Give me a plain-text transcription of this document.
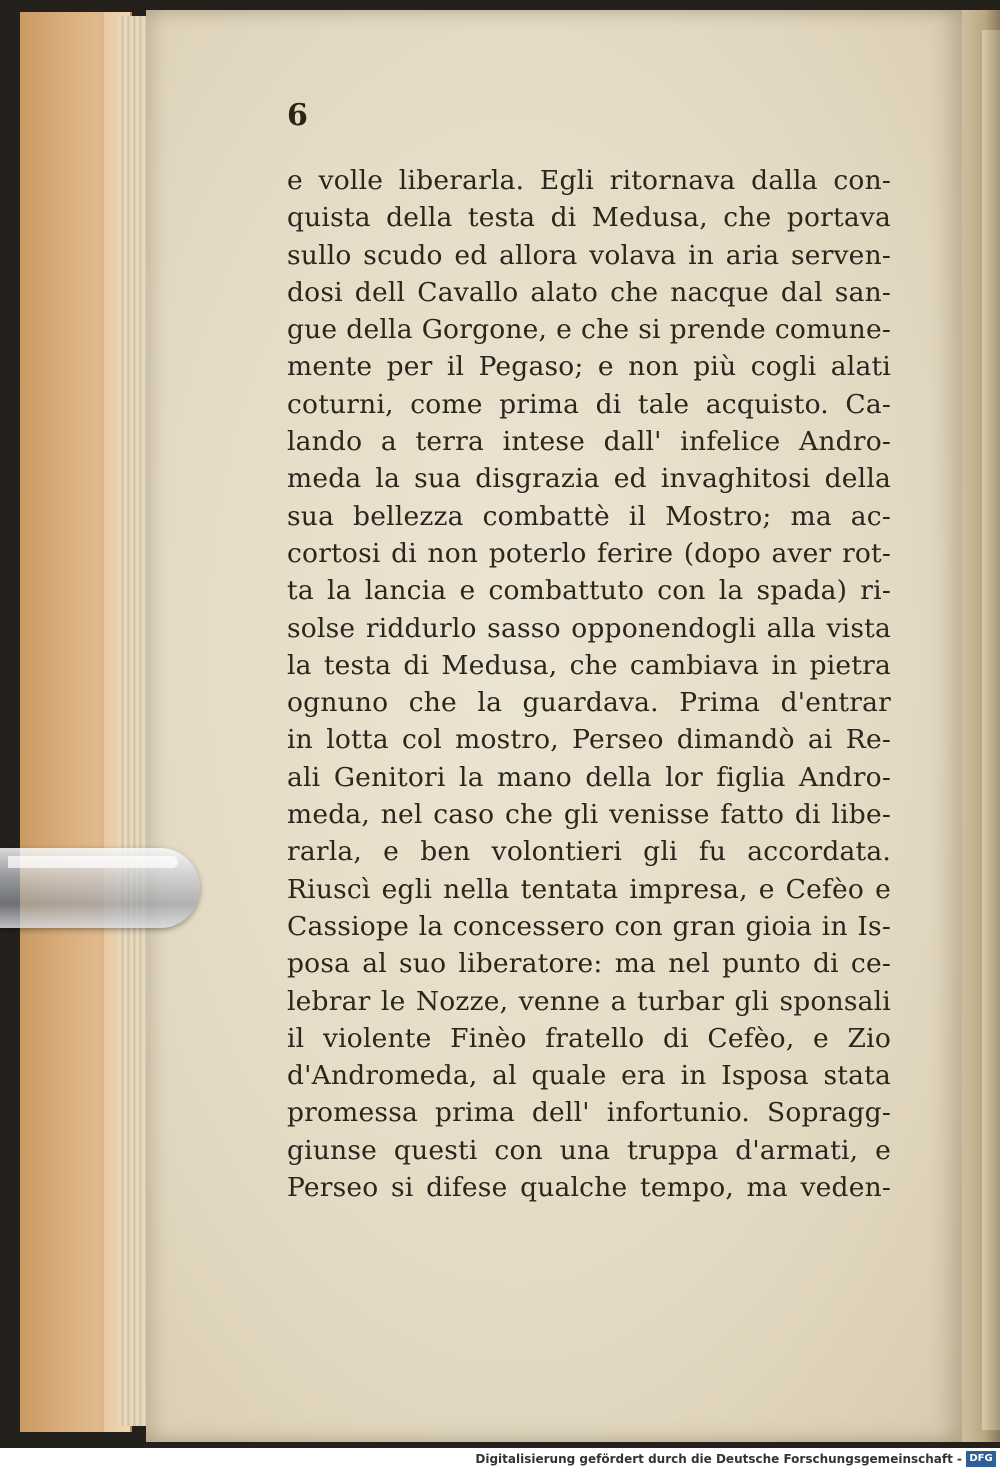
6
e volle liberarla. Egli ritornava dalla con-
quista della testa di Medusa, che portava
sullo scudo ed allora volava in aria serven-
dosi dell Cavallo alato che nacque dal san-
gue della Gorgone, e che si prende comune-
mente per il Pegaso; e non più cogli alati
coturni, come prima di tale acquisto. Ca-
lando a terra intese dall' infelice Andro-
meda la sua disgrazia ed invaghitosi della
sua bellezza combattè il Mostro; ma ac-
cortosi di non poterlo ferire (dopo aver rot-
ta la lancia e combattuto con la spada) ri-
solse riddurlo sasso opponendogli alla vista
la testa di Medusa, che cambiava in pietra
ognuno che la guardava. Prima d'entrar
in lotta col mostro, Perseo dimandò ai Re-
ali Genitori la mano della lor figlia Andro-
meda, nel caso che gli venisse fatto di libe-
rarla, e ben volontieri gli fu accordata.
Riuscì egli nella tentata impresa, e Cefèo e
Cassiope la concessero con gran gioia in Is-
posa al suo liberatore: ma nel punto di ce-
lebrar le Nozze, venne a turbar gli sponsali
il violente Finèo fratello di Cefèo, e Zio
d'Andromeda, al quale era in Isposa stata
promessa prima dell' infortunio. Sopragg-
giunse questi con una truppa d'armati, e
Perseo si difese qualche tempo, ma veden-
Digitalisierung gefördert durch die Deutsche Forschungsgemeinschaft - DFG
